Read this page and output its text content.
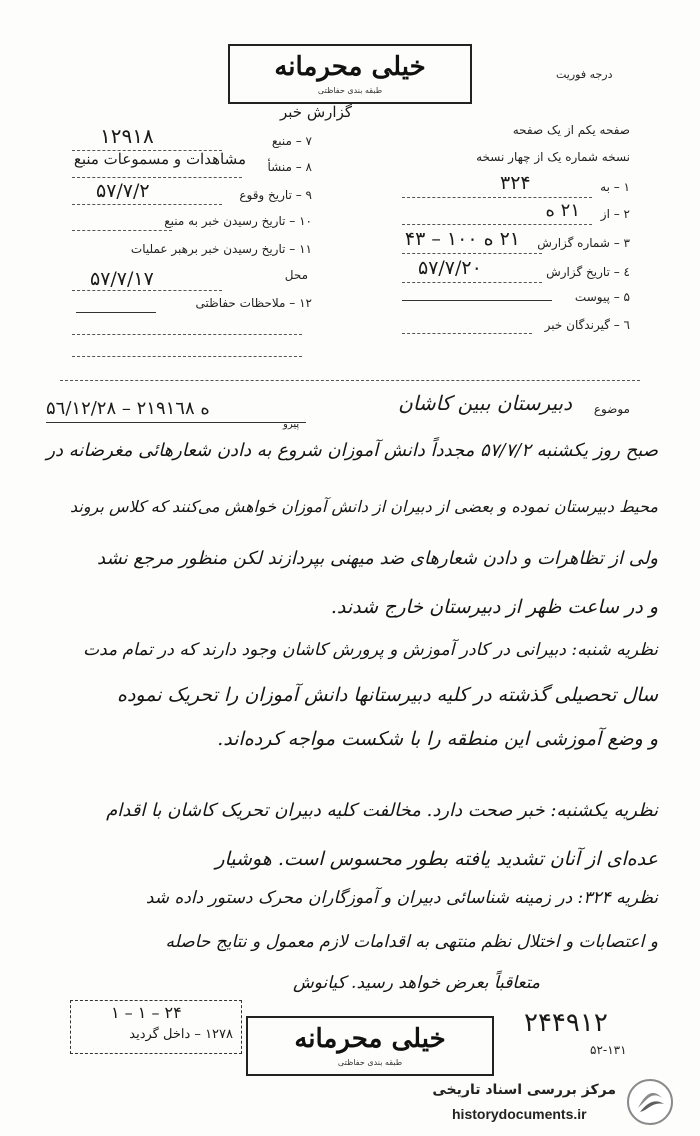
خیلی محرمانه
طبقه بندی حفاظتی
گزارش خبر
درجه فوریت
صفحه یکم از یک صفحه
نسخه شماره یک از چهار نسخه
۱ – به
۳۲۴
۲ – از
۲۱ ه
۳ – شماره گزارش
۲۱ ه ۱۰۰ – ۴۳
٤ – تاریخ گزارش
۵۷/۷/۲۰
۵ – پیوست
٦ – گیرندگان خبر
۷ – منبع
۱۲۹۱۸
۸ – منشأ
مشاهدات و مسموعات منبع
۹ – تاریخ وقوع
۵۷/۷/۲
۱۰ – تاریخ رسیدن خبر به منبع
۱۱ – تاریخ رسیدن خبر برهبر عملیات
محل
۵۷/۷/۱۷
۱۲ – ملاحظات حفاظتی
موضوع
دبیرستان ببین کاشان
پیرو
۵٦/۱۲/۲۸ – ۲۱ه ۹۱٦۸
صبح روز یکشنبه ۵۷/۷/۲ مجدداً دانش آموزان شروع به دادن شعارهائی مغرضانه در
محیط دبیرستان نموده و بعضی از دبیران از دانش آموزان خواهش می‌کنند که کلاس بروند
ولی از تظاهرات و دادن شعارهای ضد میهنی بپردازند لکن منظور مرجع نشد
و در ساعت ظهر از دبیرستان خارج شدند.
نظریه شنبه: دبیرانی در کادر آموزش و پرورش کاشان وجود دارند که در تمام مدت
سال تحصیلی گذشته در کلیه دبیرستانها دانش آموزان را تحریک نموده
و وضع آموزشی این منطقه را با شکست مواجه کرده‌اند.
نظریه یکشنبه: خبر صحت دارد. مخالفت کلیه دبیران تحریک کاشان با اقدام
عده‌ای از آنان تشدید یافته بطور محسوس است. هوشیار
نظریه ۳۲۴: در زمینه شناسائی دبیران و آموزگاران محرک دستور داده شد
و اعتصابات و اختلال نظم منتهی به اقدامات لازم معمول و نتایج حاصله
متعاقباً بعرض خواهد رسید. کیانوش
۱ – ۱ – ۲۴
۱۲۷۸ – داخل گردید	خیلی محرمانه
طبقه بندی حفاظتی
۲۴۴۹۱۲
۵۲-۱۳۱
مرکز بررسی اسناد تاریخی
historydocuments.ir
